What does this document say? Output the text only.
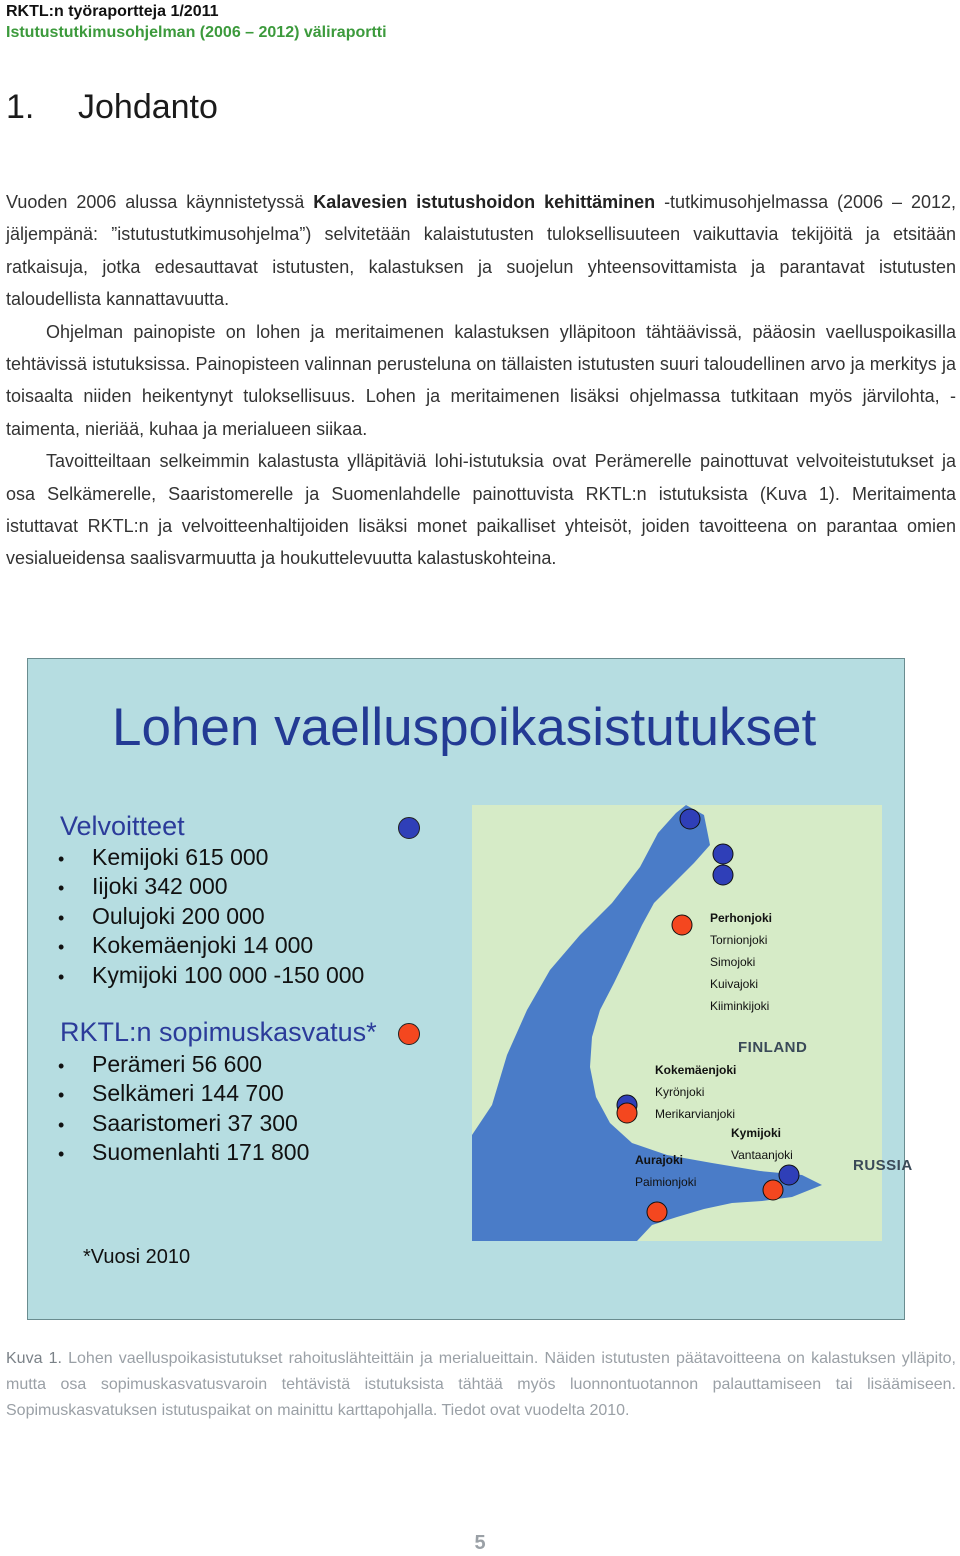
RKTL:n työraportteja 1/2011
Istutustutkimusohjelman (2006 – 2012) väliraportti
1. Johdanto

Vuoden 2006 alussa käynnistetyssä Kalavesien istutushoidon kehittäminen -tutkimusohjelmassa (2006 – 2012, jäljempänä: ”istutustutkimusohjelma”) selvitetään kalaistutusten tuloksellisuuteen vaikuttavia tekijöitä ja etsitään ratkaisuja, jotka edesauttavat istutusten, kalastuksen ja suojelun yhteensovittamista ja parantavat istutusten taloudellista kannattavuutta.

Ohjelman painopiste on lohen ja meritaimenen kalastuksen ylläpitoon tähtäävissä, pääosin vaelluspoikasilla tehtävissä istutuksissa. Painopisteen valinnan perusteluna on tällaisten istutusten suuri taloudellinen arvo ja merkitys ja toisaalta niiden heikentynyt tuloksellisuus. Lohen ja meritaimenen lisäksi ohjelmassa tutkitaan myös järvilohta, -taimenta, nieriää, kuhaa ja merialueen siikaa.

Tavoitteiltaan selkeimmin kalastusta ylläpitäviä lohi-istutuksia ovat Perämerelle painottuvat velvoiteistutukset ja osa Selkämerelle, Saaristomerelle ja Suomenlahdelle painottuvista RKTL:n istutuksista (Kuva 1). Meritaimenta istuttavat RKTL:n ja velvoitteenhaltijoiden lisäksi monet paikalliset yhteisöt, joiden tavoitteena on parantaa omien vesialueidensa saalisvarmuutta ja houkuttelevuutta kalastuskohteina.

Lohen vaelluspoikasistutukset
Velvoitteet
• Kemijoki 615 000
• Iijoki 342 000
• Oulujoki 200 000
• Kokemäenjoki 14 000
• Kymijoki 100 000 -150 000
RKTL:n sopimuskasvatus*
• Perämeri 56 600
• Selkämeri 144 700
• Saaristomeri 37 300
• Suomenlahti 171 800
*Vuosi 2010
Perhonjoki
Tornionjoki
Simojoki
Kuivajoki
Kiiminkijoki
FINLAND
Kokemäenjoki
Kyrönjoki
Merikarvianjoki
Kymijoki
Vantaanjoki
Aurajoki
Paimionjoki
RUSSIA
Kuva 1. Lohen vaelluspoikasistutukset rahoituslähteittäin ja merialueittain. Näiden istutusten päätavoitteena on kalastuksen ylläpito, mutta osa sopimuskasvatusvaroin tehtävistä istutuksista tähtää myös luonnontuotannon palauttamiseen tai lisäämiseen. Sopimuskasvatuksen istutuspaikat on mainittu karttapohjalla. Tiedot ovat vuodelta 2010.
5
